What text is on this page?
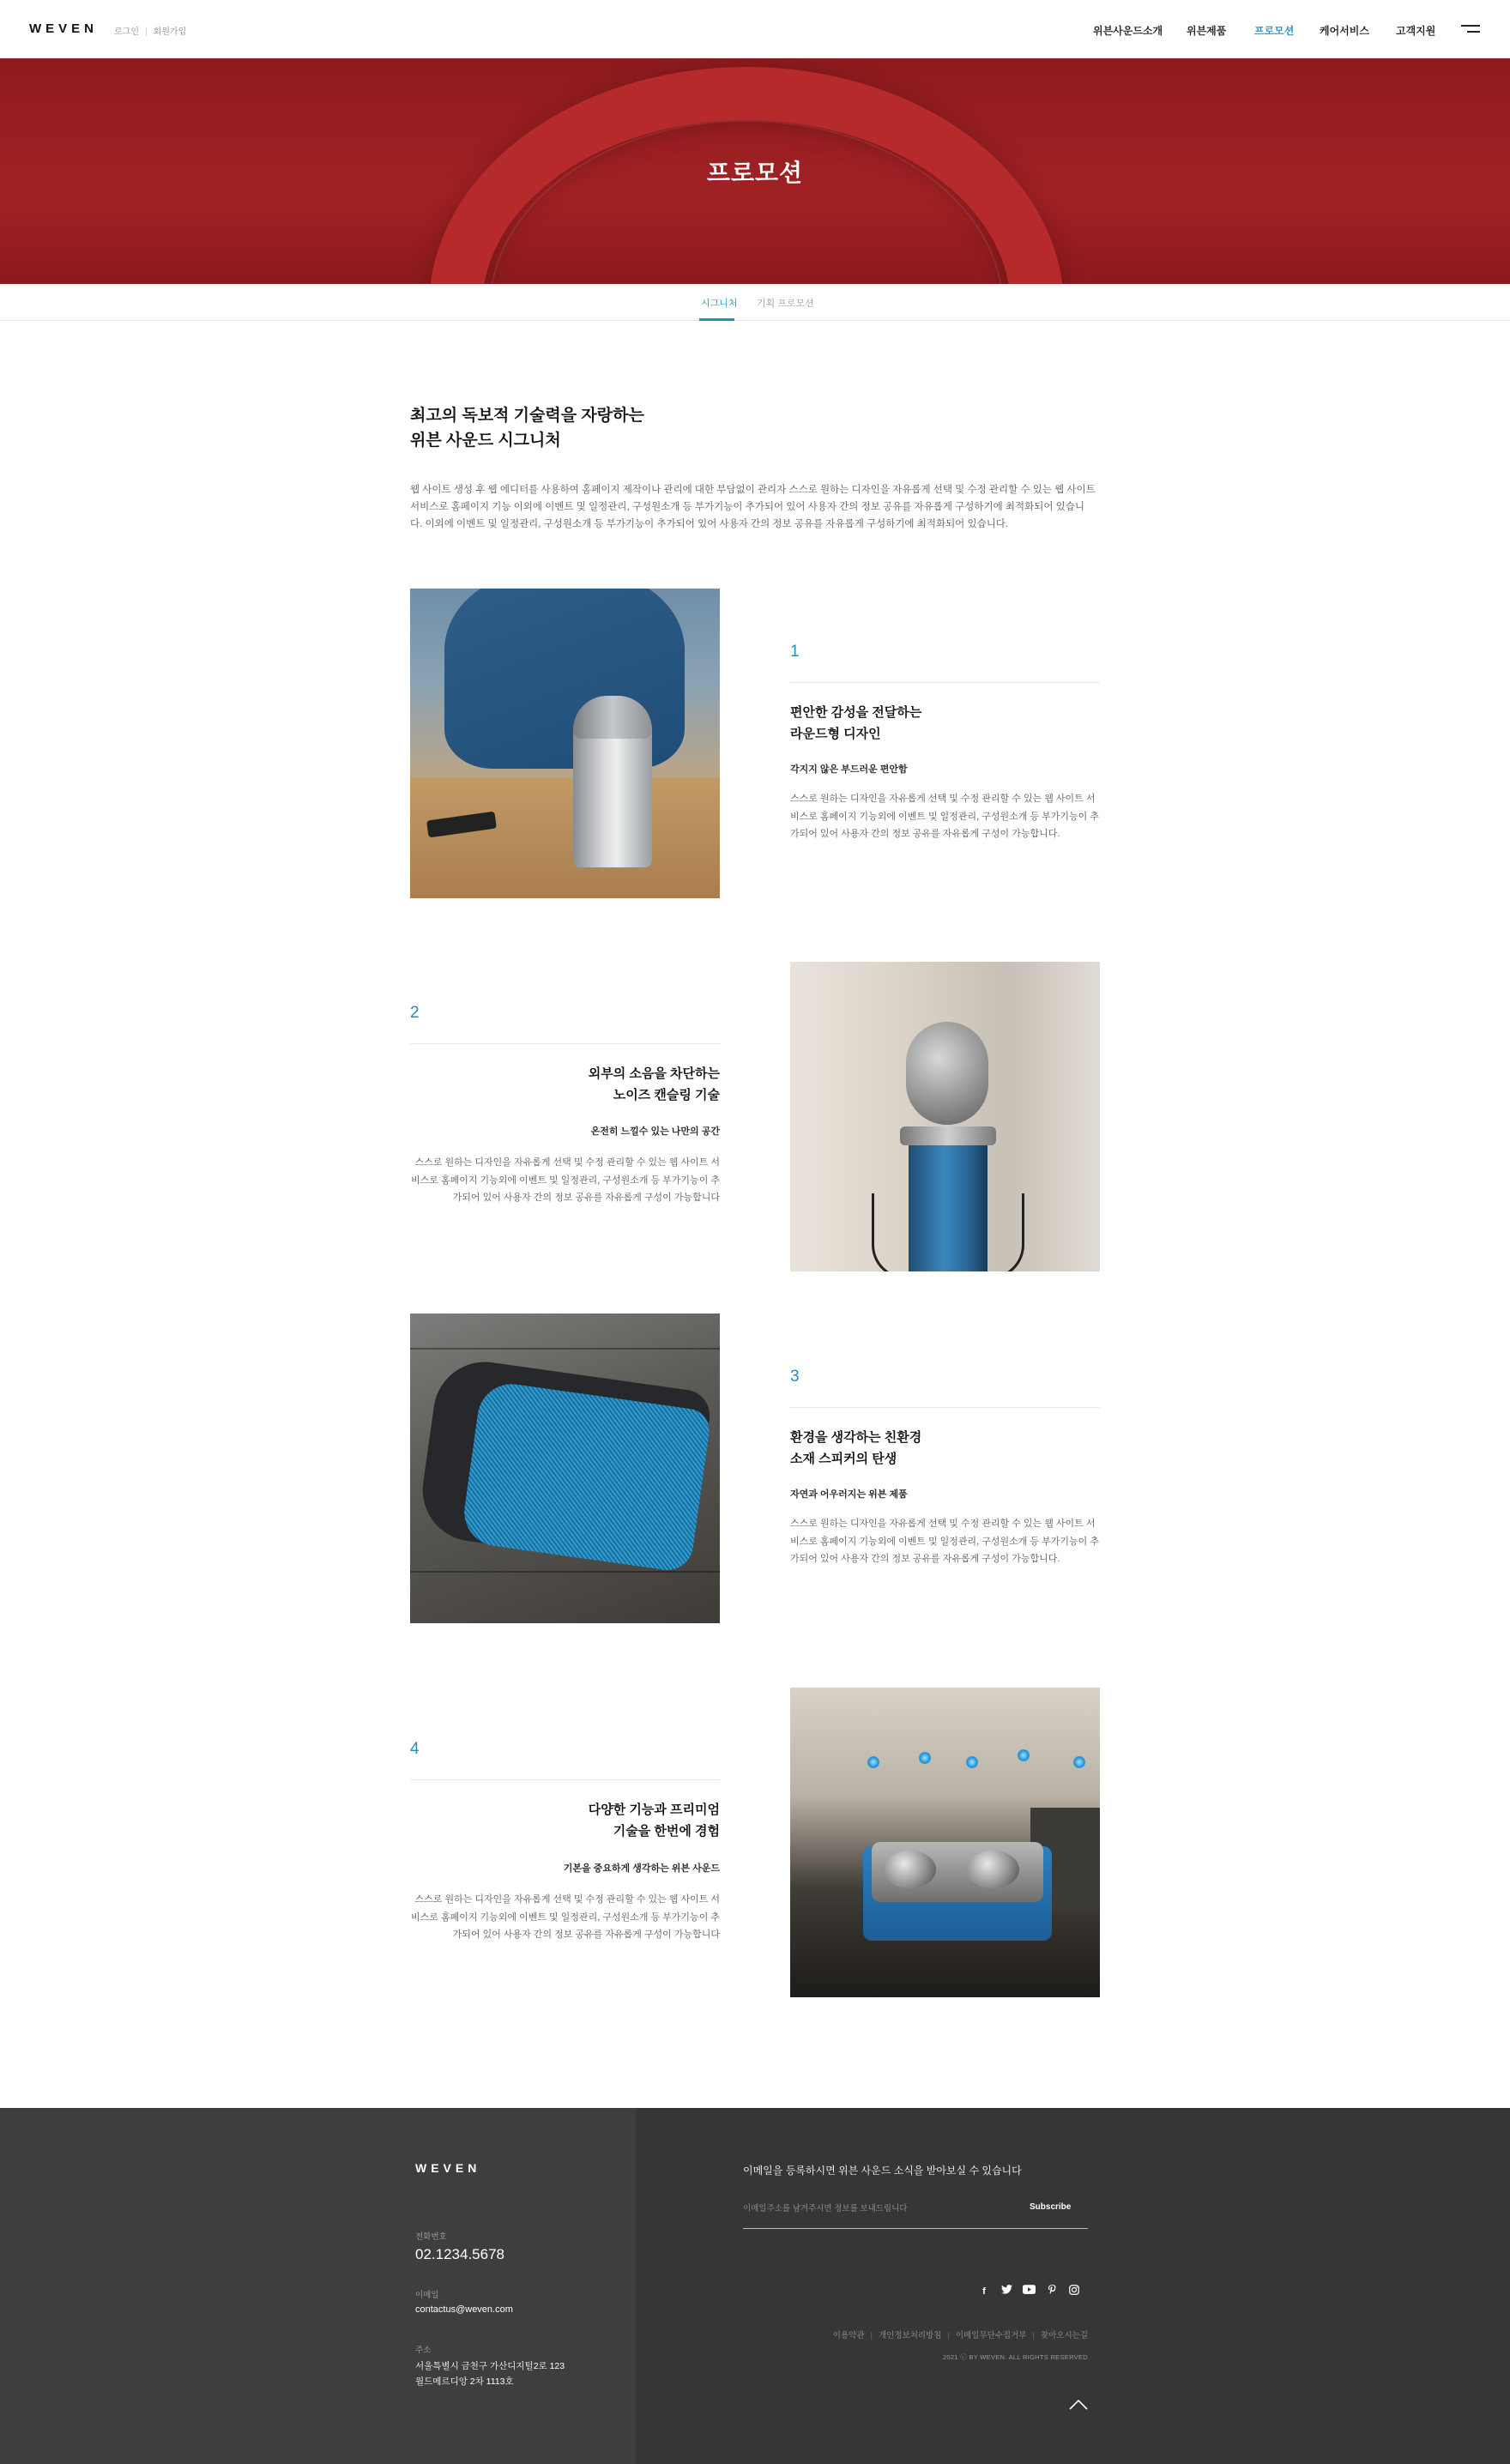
WEVEN 로그인 | 회원가입	위븐사운드소개 위븐제품	프로모션 케어서비스	고객지원
프로모션
시그니처 기획 프로모션
최고의 독보적 기술력을 자랑하는
위븐 사운드 시그니처

웹 사이트 생성 후 웹 에디터를 사용하여 홈페이지 제작이나 관리에 대한 부담없이 관리자 스스로 원하는 디자인을 자유롭게 선택 및 수정 관리할 수 있는 웹 사이트 서비스로 홈페이지 기능 이외에 이벤트 및 일정관리, 구성원소개 등 부가기능이 추가되어 있어 사용자 간의 정보 공유를 자유롭게 구성하기에 최적화되어 있습니다. 이외에 이벤트 및 일정관리, 구성원소개 등 부가기능이 추가되어 있어 사용자 간의 정보 공유를 자유롭게 구성하기에 최적화되어 있습니다.

1
편안한 감성을 전달하는
라운드형 디자인
각지지 않은 부드러운 편안함

스스로 원하는 디자인을 자유롭게 선택 및 수정 관리할 수 있는 웹 사이트 서비스로 홈페이지 기능외에 이벤트 및 일정관리, 구성원소개 등 부가기능이 추가되어 있어 사용자 간의 정보 공유를 자유롭게 구성이 가능합니다.

2
외부의 소음을 차단하는
노이즈 캔슬링 기술
온전히 느낄수 있는 나만의 공간

스스로 원하는 디자인을 자유롭게 선택 및 수정 관리할 수 있는 웹 사이트 서비스로 홈페이지 기능외에 이벤트 및 일정관리, 구성원소개 등 부가기능이 추가되어 있어 사용자 간의 정보 공유를 자유롭게 구성이 가능합니다

3
환경을 생각하는 친환경
소재 스피커의 탄생
자연과 어우러지는 위븐 제품

스스로 원하는 디자인을 자유롭게 선택 및 수정 관리할 수 있는 웹 사이트 서비스로 홈페이지 기능외에 이벤트 및 일정관리, 구성원소개 등 부가기능이 추가되어 있어 사용자 간의 정보 공유를 자유롭게 구성이 가능합니다.

4
다양한 기능과 프리미엄
기술을 한번에 경험
기본을 중요하게 생각하는 위븐 사운드

스스로 원하는 디자인을 자유롭게 선택 및 수정 관리할 수 있는 웹 사이트 서비스로 홈페이지 기능외에 이벤트 및 일정관리, 구성원소개 등 부가기능이 추가되어 있어 사용자 간의 정보 공유를 자유롭게 구성이 가능합니다

WEVEN
전화번호
02.1234.5678
이메일
contactus@weven.com
주소
서울특별시 금천구 가산디지털2로 123
월드메르디앙 2차 1113호
이메일을 등록하시면 위븐 사운드 소식을 받아보실 수 있습니다
이메일주소를 남겨주시면 정보를 보내드립니다
Subscribe
f
이용약관 | 개인정보처리방침 | 이메일무단수집거부 | 찾아오시는길
2021 ⓒ BY WEVEN. ALL RIGHTS RESERVED
